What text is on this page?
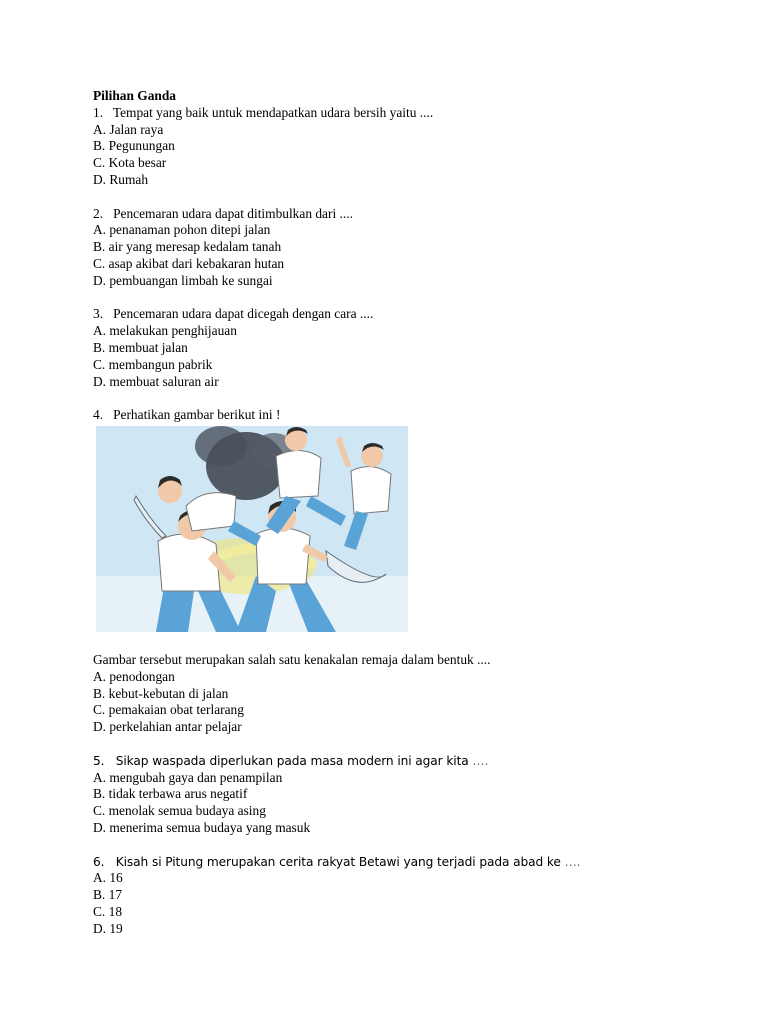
Pilihan Ganda
1.   Tempat yang baik untuk mendapatkan udara bersih yaitu ....
A. Jalan raya
B. Pegunungan
C. Kota besar
D. Rumah
2.   Pencemaran udara dapat ditimbulkan dari ....
A. penanaman pohon ditepi jalan
B. air yang meresap kedalam tanah
C. asap akibat dari kebakaran hutan
D. pembuangan limbah ke sungai
3.   Pencemaran udara dapat dicegah dengan cara ....
A. melakukan penghijauan
B. membuat jalan
C. membangun pabrik
D. membuat saluran air
4.   Perhatikan gambar berikut ini !
Gambar tersebut merupakan salah satu kenakalan remaja dalam bentuk ....
A. penodongan
B. kebut-kebutan di jalan
C. pemakaian obat terlarang
D. perkelahian antar pelajar
5.   Sikap waspada diperlukan pada masa modern ini agar kita ….
A. mengubah gaya dan penampilan
B. tidak terbawa arus negatif
C. menolak semua budaya asing
D. menerima semua budaya yang masuk
6.   Kisah si Pitung merupakan cerita rakyat Betawi yang terjadi pada abad ke ….
A. 16
B. 17
C. 18
D. 19
